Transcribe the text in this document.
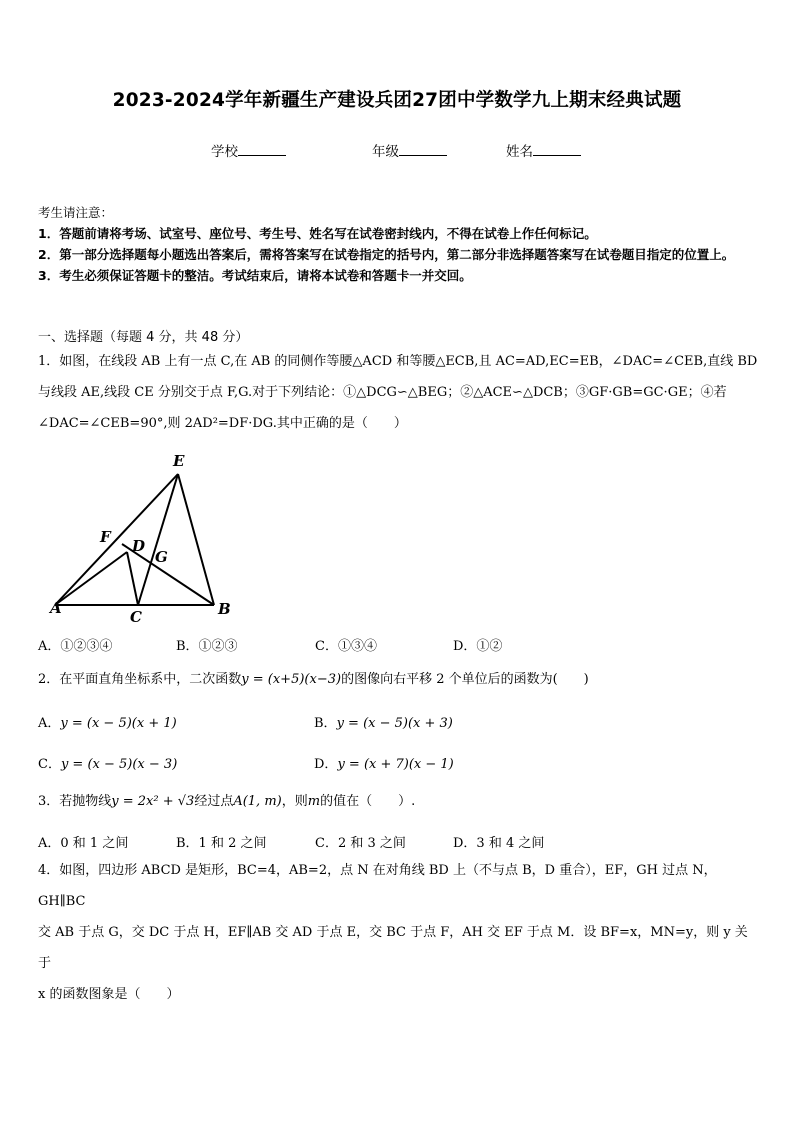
2023-2024学年新疆生产建设兵团27团中学数学九上期末经典试题
学校	年级	姓名
考生请注意：
1．答题前请将考场、试室号、座位号、考生号、姓名写在试卷密封线内，不得在试卷上作任何标记。
2．第一部分选择题每小题选出答案后，需将答案写在试卷指定的括号内，第二部分非选择题答案写在试卷题目指定的位置上。
3．考生必须保证答题卡的整洁。考试结束后，请将本试卷和答题卡一并交回。
一、选择题（每题 4 分，共 48 分）
1．如图，在线段 AB 上有一点 C,在 AB 的同侧作等腰△ACD 和等腰△ECB,且 AC=AD,EC=EB，∠DAC=∠CEB,直线 BD
与线段 AE,线段 CE 分别交于点 F,G.对于下列结论：①△DCG∽△BEG；②△ACE∽△DCB；③GF·GB=GC·GE；④若
∠DAC=∠CEB=90°,则 2AD²=DF·DG.其中正确的是（　　）
E
F D
G
A	C	B
A．①②③④	B．①②③	C．①③④	D．①②
2．在平面直角坐标系中，二次函数y = (x+5)(x−3)的图像向右平移 2 个单位后的函数为(　　)
A．y = (x − 5)(x + 1)	B．y = (x − 5)(x + 3)
C．y = (x − 5)(x − 3)	D．y = (x + 7)(x − 1)
3．若抛物线y = 2x² + √3经过点A(1, m)，则m的值在（　　）.
A．0 和 1 之间	B．1 和 2 之间	C．2 和 3 之间	D．3 和 4 之间
4．如图，四边形 ABCD 是矩形，BC=4，AB=2，点 N 在对角线 BD 上（不与点 B，D 重合），EF，GH 过点 N，GH∥BC
交 AB 于点 G，交 DC 于点 H，EF∥AB 交 AD 于点 E，交 BC 于点 F，AH 交 EF 于点 M．设 BF=x，MN=y，则 y 关于
x 的函数图象是（　　）
